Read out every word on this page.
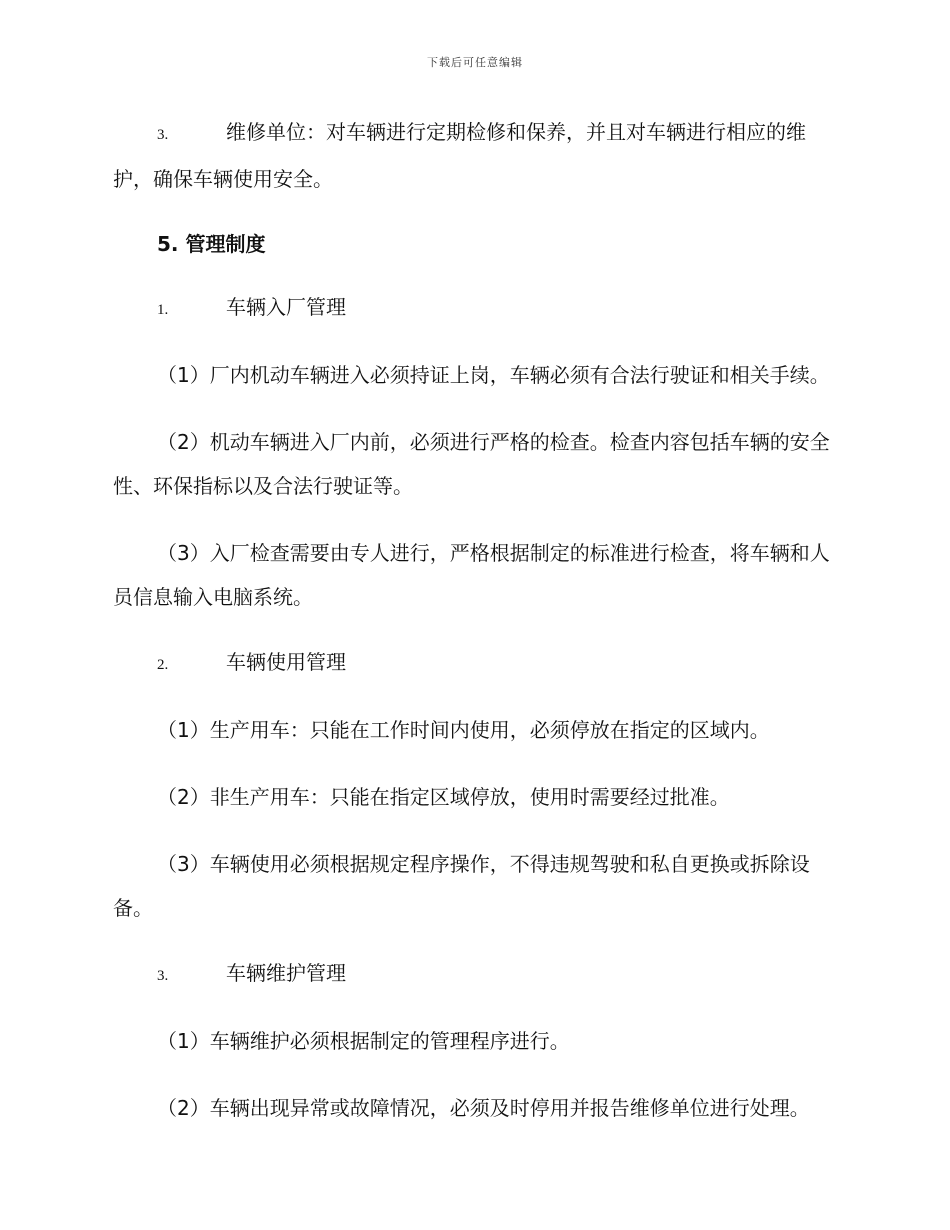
下载后可任意编辑
3.	维修单位：对车辆进行定期检修和保养，并且对车辆进行相应的维护，确保车辆使用安全。
5. 管理制度
1.	车辆入厂管理
（1）厂内机动车辆进入必须持证上岗，车辆必须有合法行驶证和相关手续。
（2）机动车辆进入厂内前，必须进行严格的检查。检查内容包括车辆的安全性、环保指标以及合法行驶证等。
（3）入厂检查需要由专人进行，严格根据制定的标准进行检查，将车辆和人员信息输入电脑系统。
2.	车辆使用管理
（1）生产用车：只能在工作时间内使用，必须停放在指定的区域内。
（2）非生产用车：只能在指定区域停放，使用时需要经过批准。
（3）车辆使用必须根据规定程序操作，不得违规驾驶和私自更换或拆除设备。
3.	车辆维护管理
（1）车辆维护必须根据制定的管理程序进行。
（2）车辆出现异常或故障情况，必须及时停用并报告维修单位进行处理。
